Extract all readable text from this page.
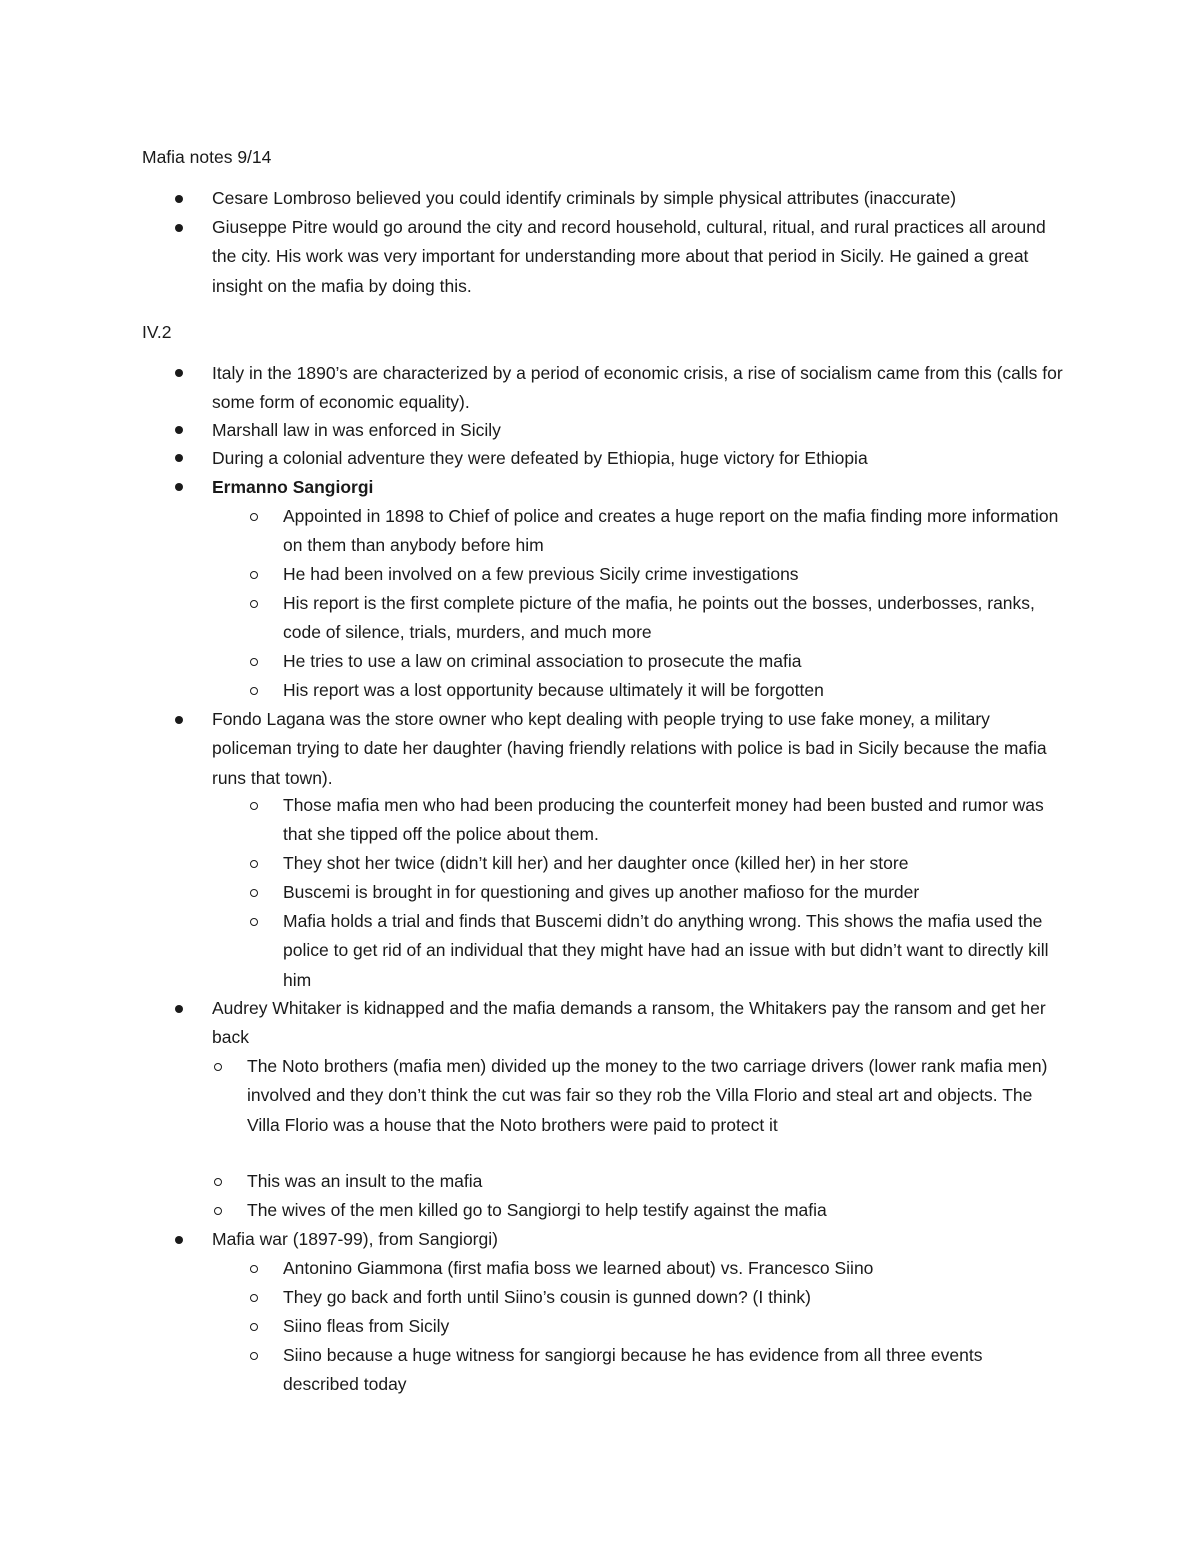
Mafia notes 9/14

Cesare Lombroso believed you could identify criminals by simple physical attributes (inaccurate)
Giuseppe Pitre would go around the city and record household, cultural, ritual, and rural practices all around the city. His work was very important for understanding more about that period in Sicily. He gained a great insight on the mafia by doing this.

IV.2

Italy in the 1890’s are characterized by a period of economic crisis, a rise of socialism came from this (calls for some form of economic equality).
Marshall law in was enforced in Sicily
During a colonial adventure they were defeated by Ethiopia, huge victory for Ethiopia
Ermanno Sangiorgi
Appointed in 1898 to Chief of police and creates a huge report on the mafia finding more information on them than anybody before him
He had been involved on a few previous Sicily crime investigations
His report is the first complete picture of the mafia, he points out the bosses, underbosses, ranks, code of silence, trials, murders, and much more
He tries to use a law on criminal association to prosecute the mafia
His report was a lost opportunity because ultimately it will be forgotten
Fondo Lagana was the store owner who kept dealing with people trying to use fake money, a military policeman trying to date her daughter (having friendly relations with police is bad in Sicily because the mafia runs that town).
Those mafia men who had been producing the counterfeit money had been busted and rumor was that she tipped off the police about them.
They shot her twice (didn’t kill her) and her daughter once (killed her) in her store
Buscemi is brought in for questioning and gives up another mafioso for the murder
Mafia holds a trial and finds that Buscemi didn’t do anything wrong. This shows the mafia used the police to get rid of an individual that they might have had an issue with but didn’t want to directly kill him
Audrey Whitaker is kidnapped and the mafia demands a ransom, the Whitakers pay the ransom and get her back
The Noto brothers (mafia men) divided up the money to the two carriage drivers (lower rank mafia men) involved and they don’t think the cut was fair so they rob the Villa Florio and steal art and objects. The Villa Florio was a house that the Noto brothers were paid to protect it
This was an insult to the mafia
The wives of the men killed go to Sangiorgi to help testify against the mafia
Mafia war (1897-99), from Sangiorgi)
Antonino Giammona (first mafia boss we learned about) vs. Francesco Siino
They go back and forth until Siino’s cousin is gunned down? (I think)
Siino fleas from Sicily
Siino because a huge witness for sangiorgi because he has evidence from all three events described today
